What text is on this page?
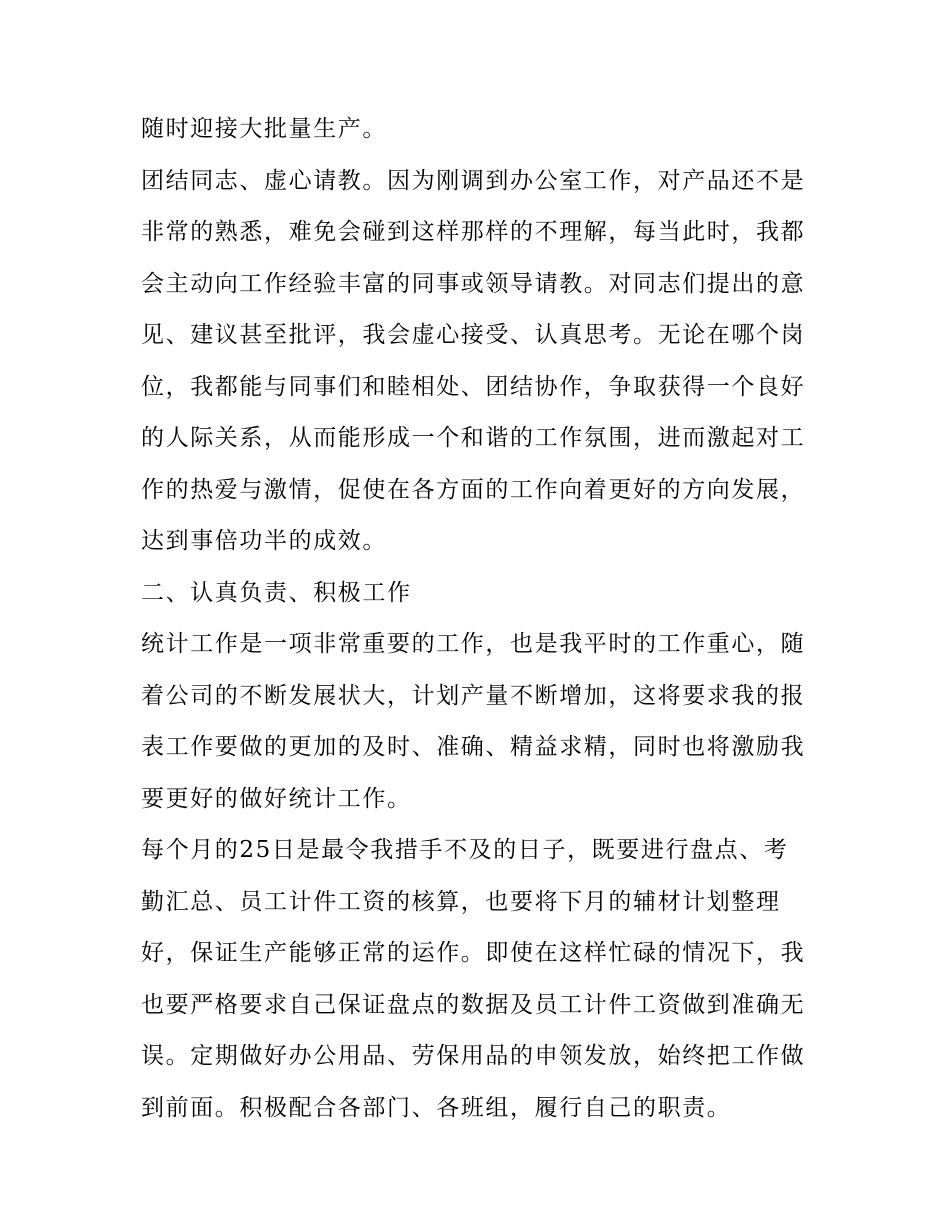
随时迎接大批量生产。
团结同志、虚心请教。因为刚调到办公室工作，对产品还不是
非常的熟悉，难免会碰到这样那样的不理解，每当此时，我都
会主动向工作经验丰富的同事或领导请教。对同志们提出的意
见、建议甚至批评，我会虚心接受、认真思考。无论在哪个岗
位，我都能与同事们和睦相处、团结协作，争取获得一个良好
的人际关系，从而能形成一个和谐的工作氛围，进而激起对工
作的热爱与激情，促使在各方面的工作向着更好的方向发展，
达到事倍功半的成效。
二、认真负责、积极工作
统计工作是一项非常重要的工作，也是我平时的工作重心，随
着公司的不断发展状大，计划产量不断增加，这将要求我的报
表工作要做的更加的及时、准确、精益求精，同时也将激励我
要更好的做好统计工作。
每个月的25日是最令我措手不及的日子，既要进行盘点、考
勤汇总、员工计件工资的核算，也要将下月的辅材计划整理
好，保证生产能够正常的运作。即使在这样忙碌的情况下，我
也要严格要求自己保证盘点的数据及员工计件工资做到准确无
误。定期做好办公用品、劳保用品的申领发放，始终把工作做
到前面。积极配合各部门、各班组，履行自己的职责。
